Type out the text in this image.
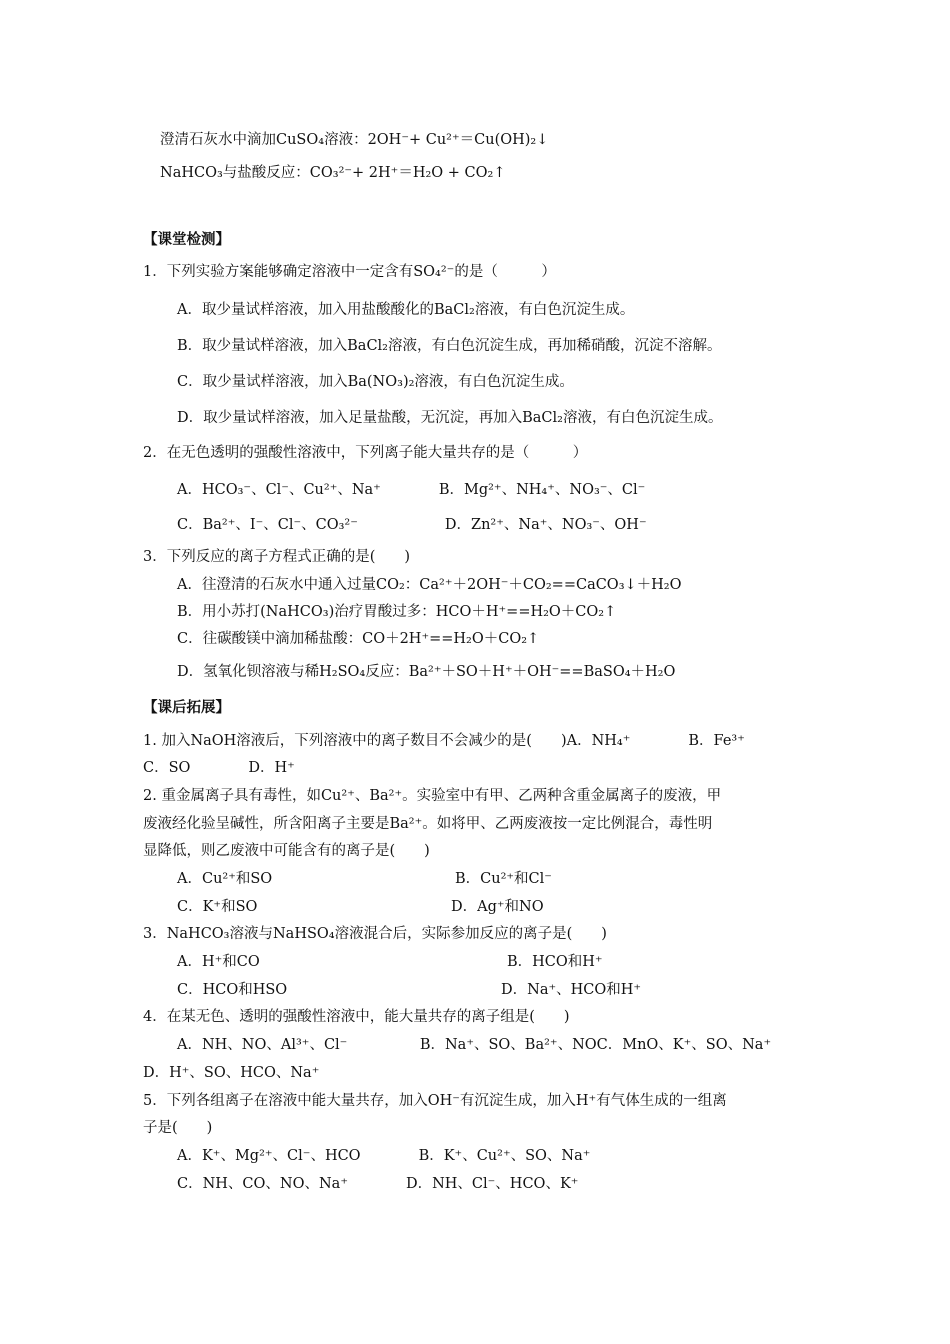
澄清石灰水中滴加CuSO₄溶液：2OH⁻+ Cu²⁺＝Cu(OH)₂↓
NaHCO₃与盐酸反应：CO₃²⁻+ 2H⁺＝H₂O + CO₂↑
【课堂检测】
1．下列实验方案能够确定溶液中一定含有SO₄²⁻的是（　　　）
A．取少量试样溶液，加入用盐酸酸化的BaCl₂溶液，有白色沉淀生成。
B．取少量试样溶液，加入BaCl₂溶液，有白色沉淀生成，再加稀硝酸，沉淀不溶解。
C．取少量试样溶液，加入Ba(NO₃)₂溶液，有白色沉淀生成。
D．取少量试样溶液，加入足量盐酸，无沉淀，再加入BaCl₂溶液，有白色沉淀生成。
2．在无色透明的强酸性溶液中，下列离子能大量共存的是（　　　）
A．HCO₃⁻、Cl⁻、Cu²⁺、Na⁺　　　　B．Mg²⁺、NH₄⁺、NO₃⁻、Cl⁻
C．Ba²⁺、I⁻、Cl⁻、CO₃²⁻　　　　　　D．Zn²⁺、Na⁺、NO₃⁻、OH⁻
3．下列反应的离子方程式正确的是(　　)
A．往澄清的石灰水中通入过量CO₂：Ca²⁺＋2OH⁻＋CO₂==CaCO₃↓＋H₂O
B．用小苏打(NaHCO₃)治疗胃酸过多：HCO＋H⁺==H₂O＋CO₂↑
C．往碳酸镁中滴加稀盐酸：CO＋2H⁺==H₂O＋CO₂↑
D．氢氧化钡溶液与稀H₂SO₄反应：Ba²⁺＋SO＋H⁺＋OH⁻==BaSO₄＋H₂O
【课后拓展】
1. 加入NaOH溶液后，下列溶液中的离子数目不会减少的是(　　)A．NH₄⁺　　　　B．Fe³⁺
C．SO　　　　D．H⁺
2. 重金属离子具有毒性，如Cu²⁺、Ba²⁺。实验室中有甲、乙两种含重金属离子的废液，甲
废液经化验呈碱性，所含阳离子主要是Ba²⁺。如将甲、乙两废液按一定比例混合，毒性明
显降低，则乙废液中可能含有的离子是(　　)
A．Cu²⁺和SO	B．Cu²⁺和Cl⁻
C．K⁺和SO	D．Ag⁺和NO
3．NaHCO₃溶液与NaHSO₄溶液混合后，实际参加反应的离子是(　　)
A．H⁺和CO	B．HCO和H⁺
C．HCO和HSO	D．Na⁺、HCO和H⁺
4．在某无色、透明的强酸性溶液中，能大量共存的离子组是(　　)
A．NH、NO、Al³⁺、Cl⁻　　　　　B．Na⁺、SO、Ba²⁺、NOC．MnO、K⁺、SO、Na⁺
D．H⁺、SO、HCO、Na⁺
5．下列各组离子在溶液中能大量共存，加入OH⁻有沉淀生成，加入H⁺有气体生成的一组离
子是(　　)
A．K⁺、Mg²⁺、Cl⁻、HCO　　　　B．K⁺、Cu²⁺、SO、Na⁺
C．NH、CO、NO、Na⁺　　　　D．NH、Cl⁻、HCO、K⁺
